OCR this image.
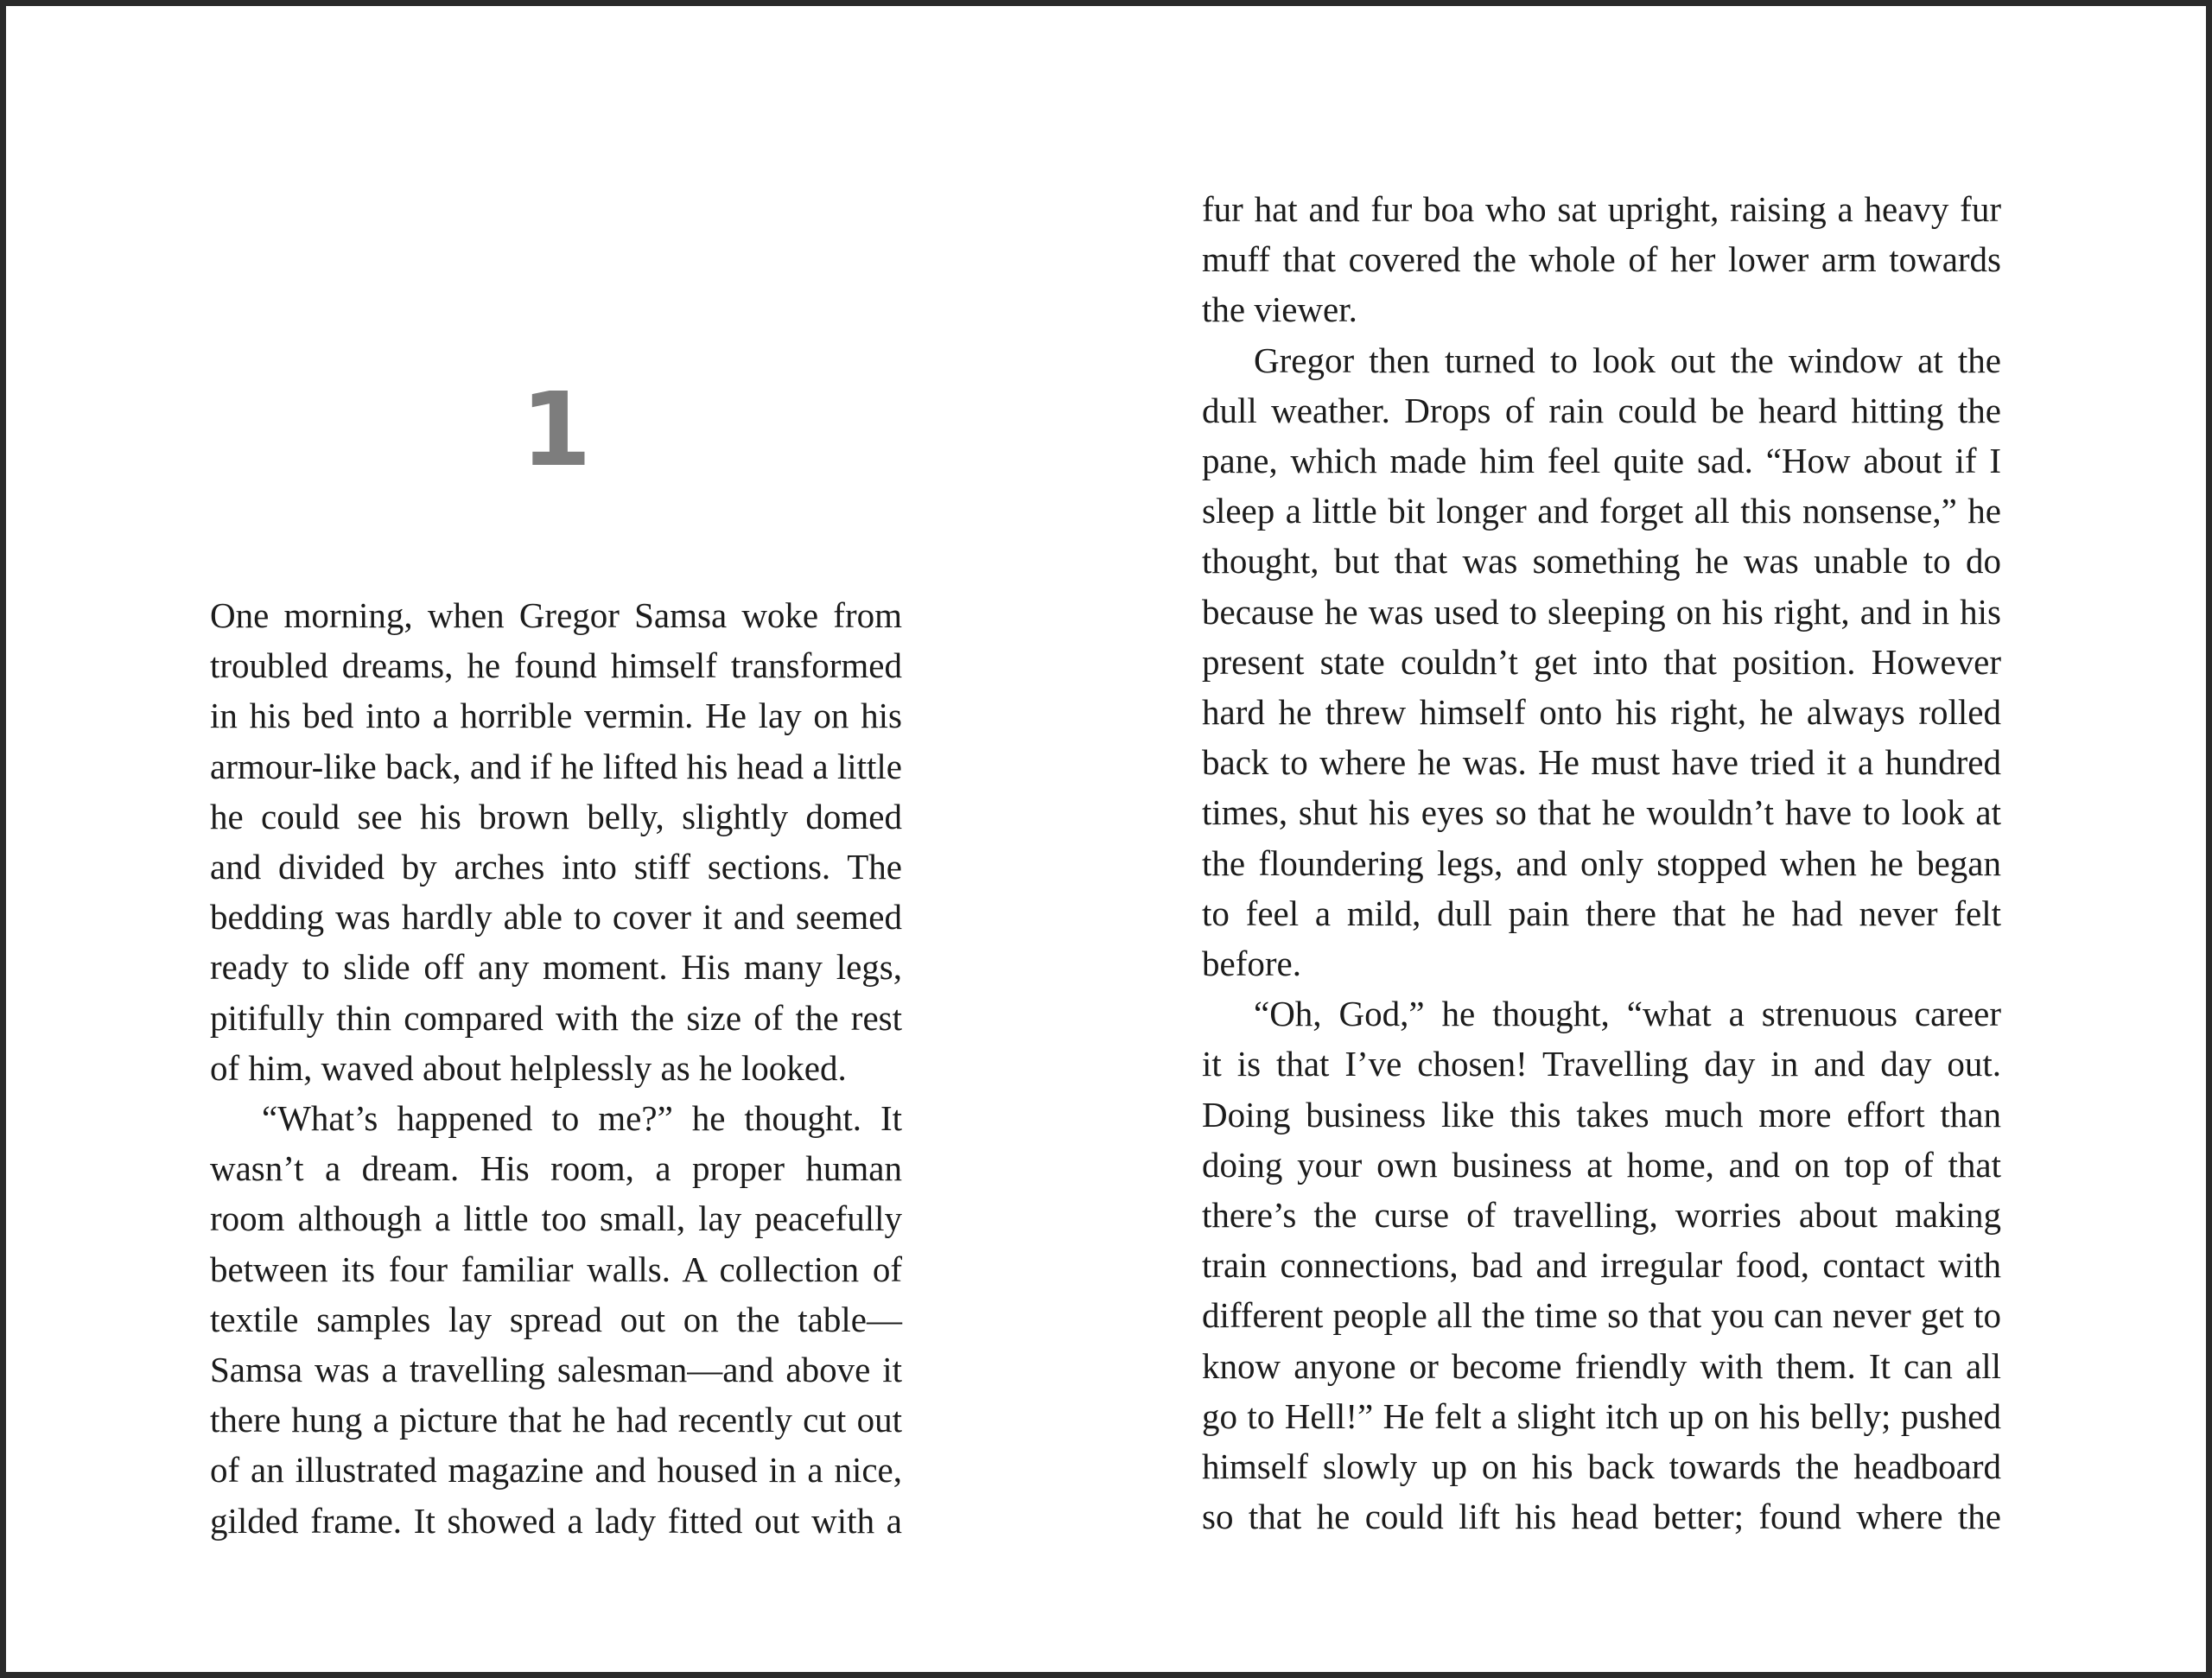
1

One morning, when Gregor Samsa woke from
troubled dreams, he found himself transformed
in his bed into a horrible vermin. He lay on his
armour-like back, and if he lifted his head a little
he could see his brown belly, slightly domed
and divided by arches into stiff sections. The
bedding was hardly able to cover it and seemed
ready to slide off any moment. His many legs,
pitifully thin compared with the size of the rest
of him, waved about helplessly as he looked.

“What’s happened to me?” he thought. It
wasn’t a dream. His room, a proper human
room although a little too small, lay peacefully
between its four familiar walls. A collection of
textile samples lay spread out on the table—
Samsa was a travelling salesman—and above it
there hung a picture that he had recently cut out
of an illustrated magazine and housed in a nice,
gilded frame. It showed a lady fitted out with a

fur hat and fur boa who sat upright, raising a heavy fur
muff that covered the whole of her lower arm towards
the viewer.

Gregor then turned to look out the window at the
dull weather. Drops of rain could be heard hitting the
pane, which made him feel quite sad. “How about if I
sleep a little bit longer and forget all this nonsense,” he
thought, but that was something he was unable to do
because he was used to sleeping on his right, and in his
present state couldn’t get into that position. However
hard he threw himself onto his right, he always rolled
back to where he was. He must have tried it a hundred
times, shut his eyes so that he wouldn’t have to look at
the floundering legs, and only stopped when he began
to feel a mild, dull pain there that he had never felt
before.

“Oh, God,” he thought, “what a strenuous career
it is that I’ve chosen! Travelling day in and day out.
Doing business like this takes much more effort than
doing your own business at home, and on top of that
there’s the curse of travelling, worries about making
train connections, bad and irregular food, contact with
different people all the time so that you can never get to
know anyone or become friendly with them. It can all
go to Hell!” He felt a slight itch up on his belly; pushed
himself slowly up on his back towards the headboard
so that he could lift his head better; found where the
